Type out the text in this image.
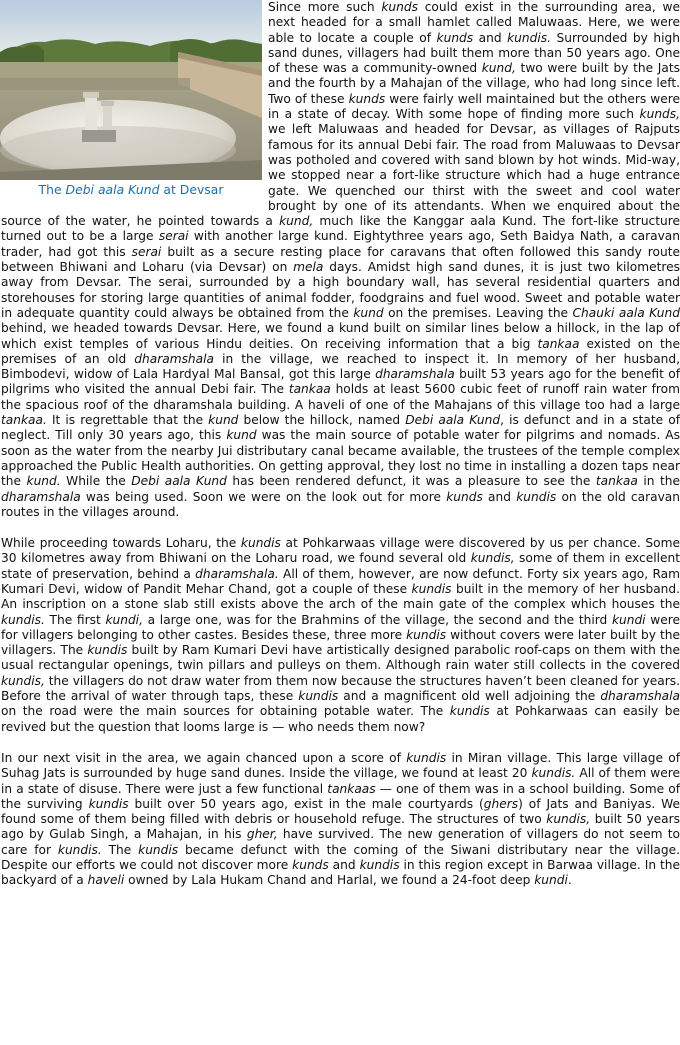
The Debi aala Kund at Devsar
Since more such kunds could exist in the surrounding area, we next headed for a small hamlet called Maluwaas. Here, we were able to locate a couple of kunds and kundis. Surrounded by high sand dunes, villagers had built them more than 50 years ago. One of these was a community-owned kund, two were built by the Jats and the fourth by a Mahajan of the village, who had long since left. Two of these kunds were fairly well maintained but the others were in a state of decay. With some hope of finding more such kunds, we left Maluwaas and headed for Devsar, as villages of Rajputs famous for its annual Debi fair. The road from Maluwaas to Devsar was potholed and covered with sand blown by hot winds. Mid-way, we stopped near a fort-like structure which had a huge entrance gate. We quenched our thirst with the sweet and cool water brought by one of its attendants. When we enquired about the source of the water, he pointed towards a kund, much like the Kanggar aala Kund. The fort-like structure turned out to be a large serai with another large kund. Eightythree years ago, Seth Baidya Nath, a caravan trader, had got this serai built as a secure resting place for caravans that often followed this sandy route between Bhiwani and Loharu (via Devsar) on mela days. Amidst high sand dunes, it is just two kilometres away from Devsar. The serai, surrounded by a high boundary wall, has several residential quarters and storehouses for storing large quantities of animal fodder, foodgrains and fuel wood. Sweet and potable water in adequate quantity could always be obtained from the kund on the premises. Leaving the Chauki aala Kund behind, we headed towards Devsar. Here, we found a kund built on similar lines below a hillock, in the lap of which exist temples of various Hindu deities. On receiving information that a big tankaa existed on the premises of an old dharamshala in the village, we reached to inspect it. In memory of her husband, Bimbodevi, widow of Lala Hardyal Mal Bansal, got this large dharamshala built 53 years ago for the benefit of pilgrims who visited the annual Debi fair. The tankaa holds at least 5600 cubic feet of runoff rain water from the spacious roof of the dharamshala building. A haveli of one of the Mahajans of this village too had a large tankaa. It is regrettable that the kund below the hillock, named Debi aala Kund, is defunct and in a state of neglect. Till only 30 years ago, this kund was the main source of potable water for pilgrims and nomads. As soon as the water from the nearby Jui distributary canal became available, the trustees of the temple complex approached the Public Health authorities. On getting approval, they lost no time in installing a dozen taps near the kund. While the Debi aala Kund has been rendered defunct, it was a pleasure to see the tankaa in the dharamshala was being used. Soon we were on the look out for more kunds and kundis on the old caravan routes in the villages around.
While proceeding towards Loharu, the kundis at Pohkarwaas village were discovered by us per chance. Some 30 kilometres away from Bhiwani on the Loharu road, we found several old kundis, some of them in excellent state of preservation, behind a dharamshala. All of them, however, are now defunct. Forty six years ago, Ram Kumari Devi, widow of Pandit Mehar Chand, got a couple of these kundis built in the memory of her husband. An inscription on a stone slab still exists above the arch of the main gate of the complex which houses the kundis. The first kundi, a large one, was for the Brahmins of the village, the second and the third kundi were for villagers belonging to other castes. Besides these, three more kundis without covers were later built by the villagers. The kundis built by Ram Kumari Devi have artistically designed parabolic roof-caps on them with the usual rectangular openings, twin pillars and pulleys on them. Although rain water still collects in the covered kundis, the villagers do not draw water from them now because the structures haven’t been cleaned for years. Before the arrival of water through taps, these kundis and a magnificent old well adjoining the dharamshala on the road were the main sources for obtaining potable water. The kundis at Pohkarwaas can easily be revived but the question that looms large is — who needs them now?
In our next visit in the area, we again chanced upon a score of kundis in Miran village. This large village of Suhag Jats is surrounded by huge sand dunes. Inside the village, we found at least 20 kundis. All of them were in a state of disuse. There were just a few functional tankaas — one of them was in a school building. Some of the surviving kundis built over 50 years ago, exist in the male courtyards (ghers) of Jats and Baniyas. We found some of them being filled with debris or household refuge. The structures of two kundis, built 50 years ago by Gulab Singh, a Mahajan, in his gher, have survived. The new generation of villagers do not seem to care for kundis. The kundis became defunct with the coming of the Siwani distributary near the village. Despite our efforts we could not discover more kunds and kundis in this region except in Barwaa village. In the backyard of a haveli owned by Lala Hukam Chand and Harlal, we found a 24-foot deep kundi.
